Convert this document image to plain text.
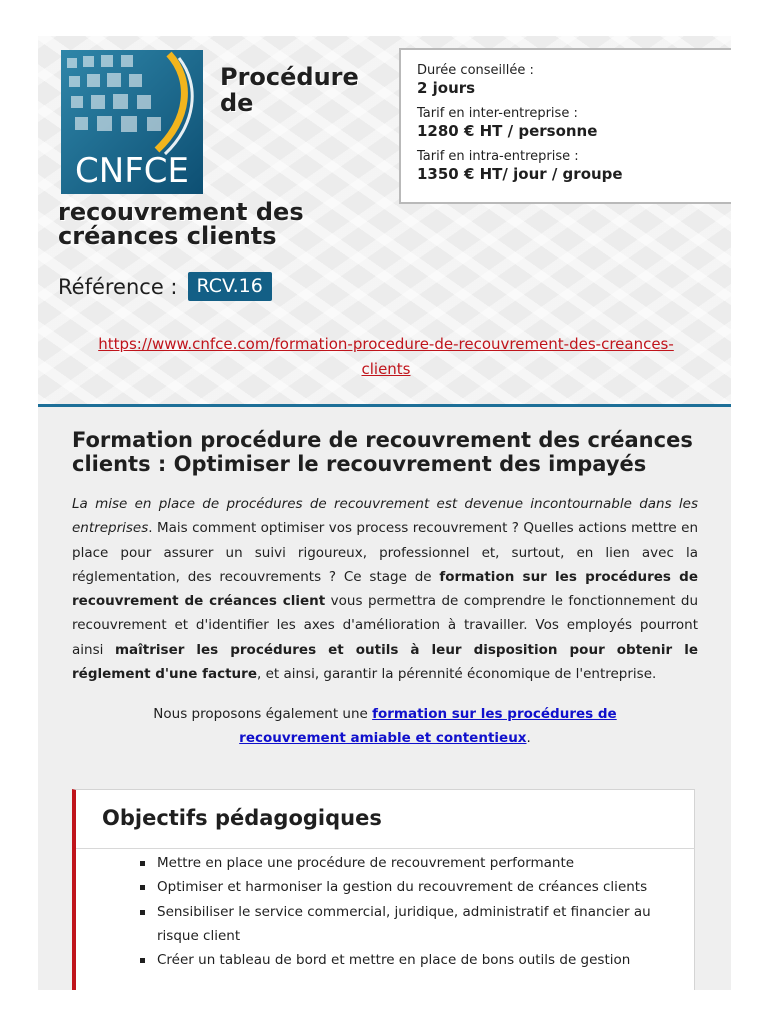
CNFCE
Procédure
de
recouvrement des
créances clients
Référence :	RCV.16
https://www.cnfce.com/formation-procedure-de-recouvrement-des-creances-
clients
Durée conseillée :
2 jours
Tarif en inter-entreprise :
1280 € HT / personne
Tarif en intra-entreprise :
1350 € HT/ jour / groupe
Formation procédure de recouvrement des créances clients : Optimiser le recouvrement des impayés

La mise en place de procédures de recouvrement est devenue incontournable dans les entreprises. Mais comment optimiser vos process recouvrement ? Quelles actions mettre en place pour assurer un suivi rigoureux, professionnel et, surtout, en lien avec la réglementation, des recouvrements ? Ce stage de formation sur les procédures de recouvrement de créances client vous permettra de comprendre le fonctionnement du recouvrement et d'identifier les axes d'amélioration à travailler. Vos employés pourront ainsi maîtriser les procédures et outils à leur disposition pour obtenir le réglement d'une facture, et ainsi, garantir la pérennité économique de l'entreprise.

Nous proposons également une formation sur les procédures de recouvrement amiable et contentieux.
Objectifs pédagogiques
Mettre en place une procédure de recouvrement performante
Optimiser et harmoniser la gestion du recouvrement de créances clients
Sensibiliser le service commercial, juridique, administratif et financier au risque client
Créer un tableau de bord et mettre en place de bons outils de gestion
